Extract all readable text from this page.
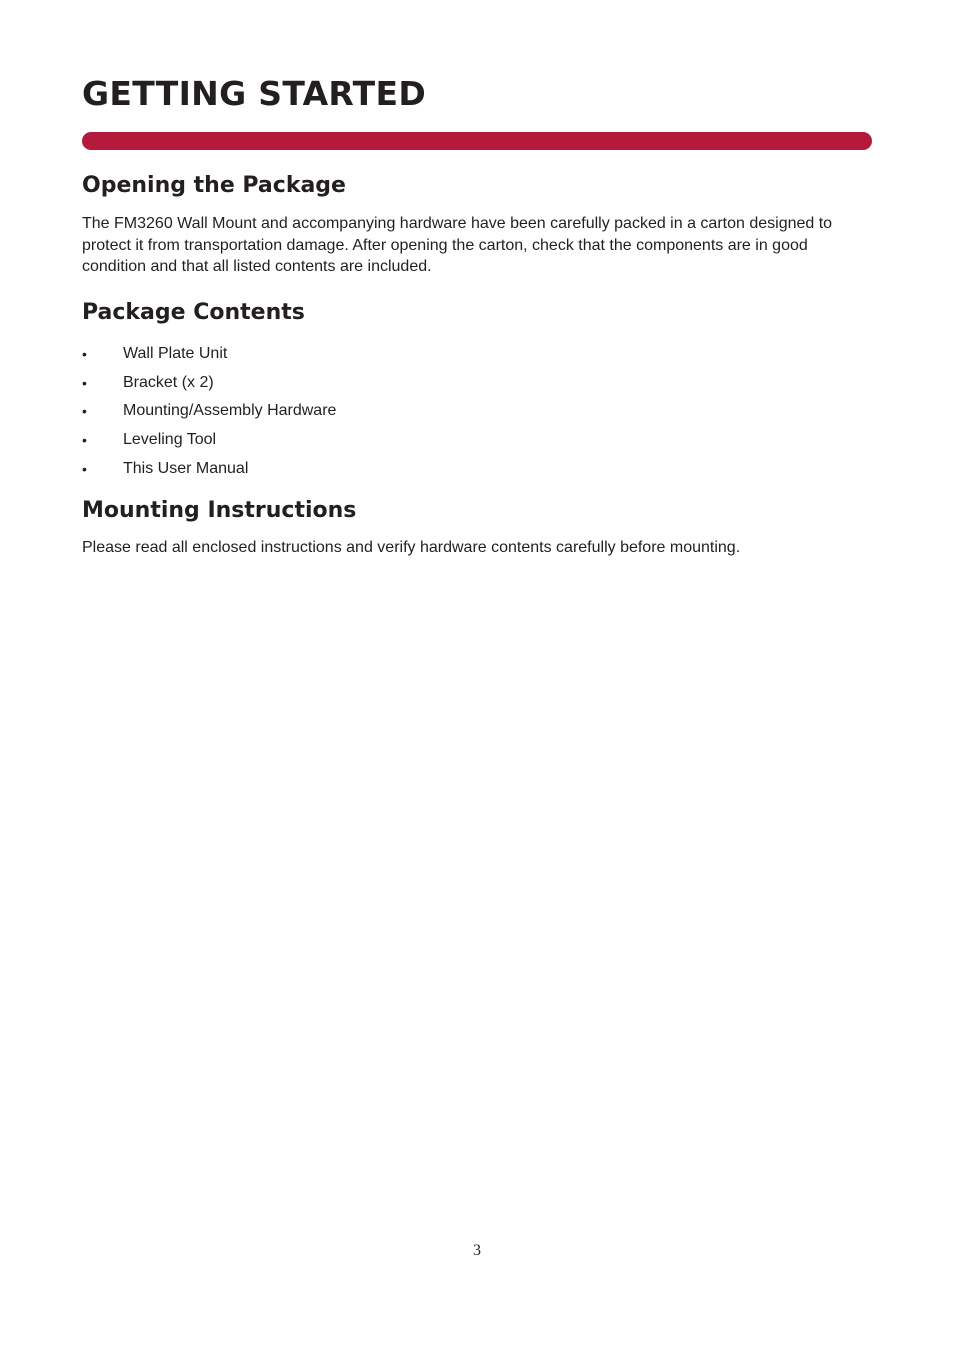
GETTING STARTED
Opening the Package

The FM3260 Wall Mount and accompanying hardware have been carefully packed in a carton designed to protect it from transportation damage. After opening the carton, check that the components are in good condition and that all listed contents are included.

Package Contents
•	Wall Plate Unit
•	Bracket (x 2)
•	Mounting/Assembly Hardware
•	Leveling Tool
•	This User Manual
Mounting Instructions

Please read all enclosed instructions and verify hardware contents carefully before mounting.

3
